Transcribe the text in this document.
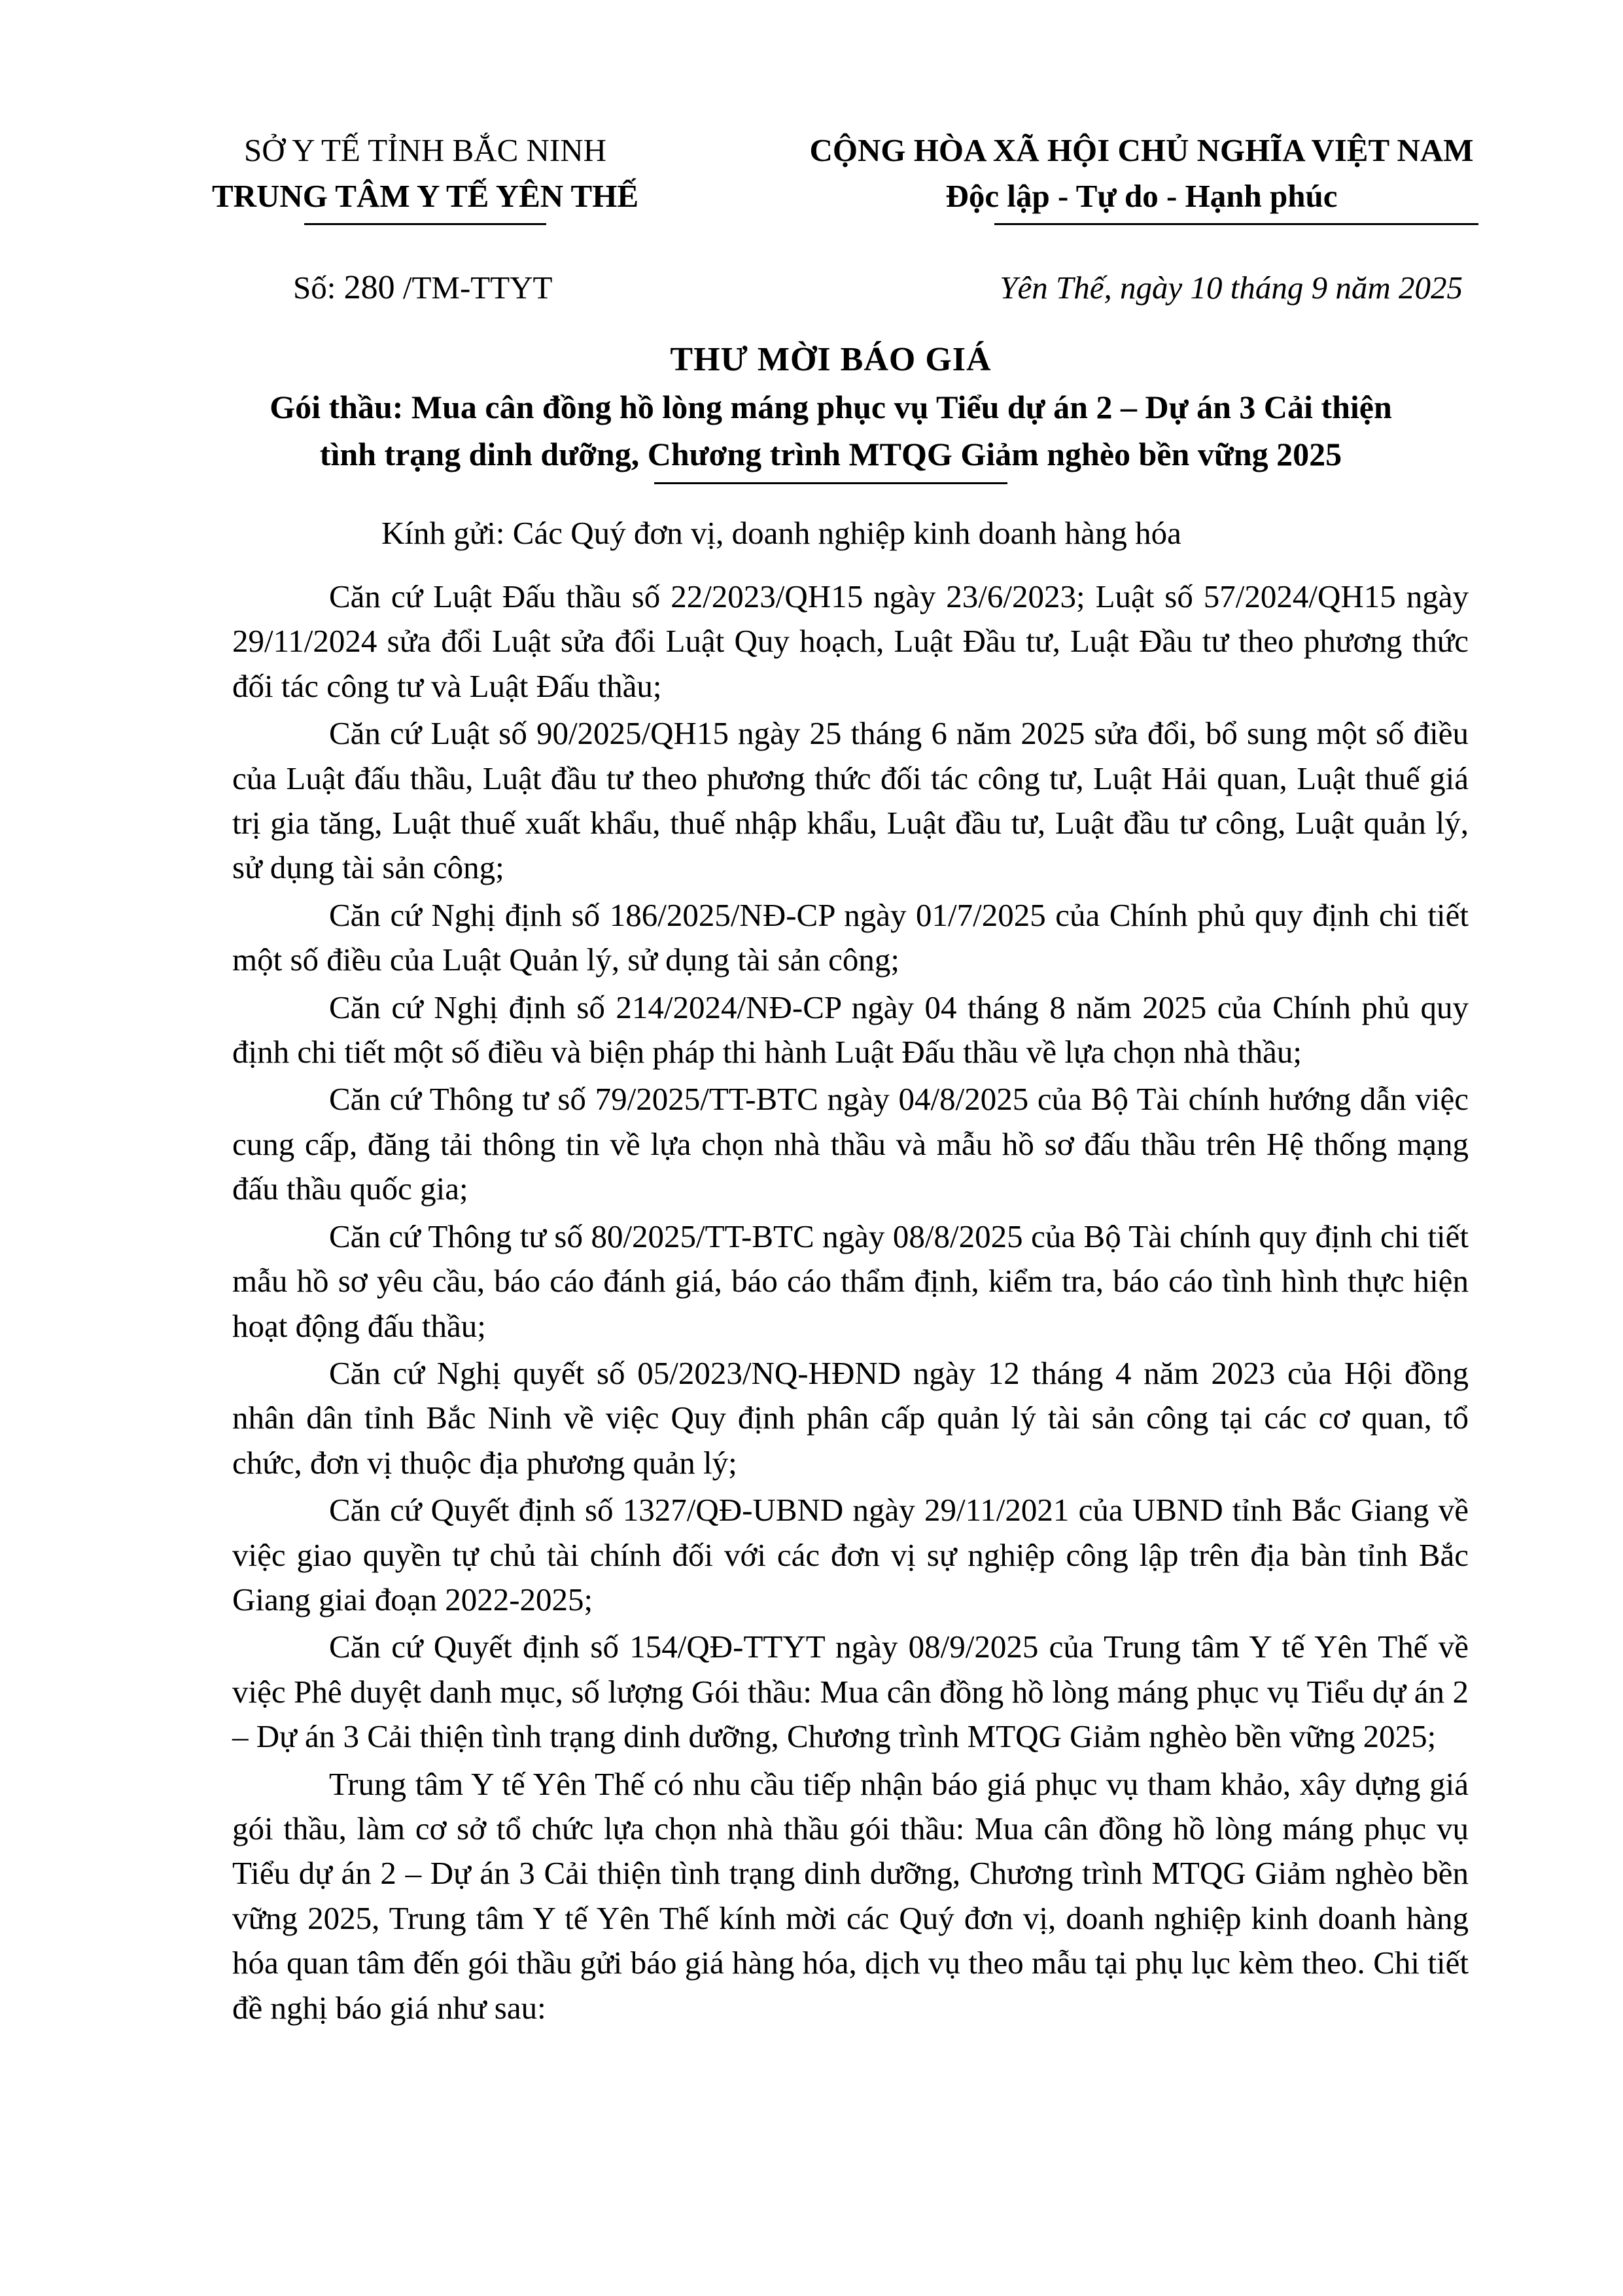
SỞ Y TẾ TỈNH BẮC NINH
TRUNG TÂM Y TẾ YÊN THẾ
CỘNG HÒA XÃ HỘI CHỦ NGHĨA VIỆT NAM
Độc lập - Tự do - Hạnh phúc
Số: 280 /TM-TTYT	Yên Thế, ngày 10 tháng 9 năm 2025
THƯ MỜI BÁO GIÁ
Gói thầu: Mua cân đồng hồ lòng máng phục vụ Tiểu dự án 2 – Dự án 3 Cải thiện
tình trạng dinh dưỡng, Chương trình MTQG Giảm nghèo bền vững 2025
Kính gửi: Các Quý đơn vị, doanh nghiệp kinh doanh hàng hóa

Căn cứ Luật Đấu thầu số 22/2023/QH15 ngày 23/6/2023; Luật số 57/2024/QH15 ngày 29/11/2024 sửa đổi Luật sửa đổi Luật Quy hoạch, Luật Đầu tư, Luật Đầu tư theo phương thức đối tác công tư và Luật Đấu thầu;

Căn cứ Luật số 90/2025/QH15 ngày 25 tháng 6 năm 2025 sửa đổi, bổ sung một số điều của Luật đấu thầu, Luật đầu tư theo phương thức đối tác công tư, Luật Hải quan, Luật thuế giá trị gia tăng, Luật thuế xuất khẩu, thuế nhập khẩu, Luật đầu tư, Luật đầu tư công, Luật quản lý, sử dụng tài sản công;

Căn cứ Nghị định số 186/2025/NĐ-CP ngày 01/7/2025 của Chính phủ quy định chi tiết một số điều của Luật Quản lý, sử dụng tài sản công;

Căn cứ Nghị định số 214/2024/NĐ-CP ngày 04 tháng 8 năm 2025 của Chính phủ quy định chi tiết một số điều và biện pháp thi hành Luật Đấu thầu về lựa chọn nhà thầu;

Căn cứ Thông tư số 79/2025/TT-BTC ngày 04/8/2025 của Bộ Tài chính hướng dẫn việc cung cấp, đăng tải thông tin về lựa chọn nhà thầu và mẫu hồ sơ đấu thầu trên Hệ thống mạng đấu thầu quốc gia;

Căn cứ Thông tư số 80/2025/TT-BTC ngày 08/8/2025 của Bộ Tài chính quy định chi tiết mẫu hồ sơ yêu cầu, báo cáo đánh giá, báo cáo thẩm định, kiểm tra, báo cáo tình hình thực hiện hoạt động đấu thầu;

Căn cứ Nghị quyết số 05/2023/NQ-HĐND ngày 12 tháng 4 năm 2023 của Hội đồng nhân dân tỉnh Bắc Ninh về việc Quy định phân cấp quản lý tài sản công tại các cơ quan, tổ chức, đơn vị thuộc địa phương quản lý;

Căn cứ Quyết định số 1327/QĐ-UBND ngày 29/11/2021 của UBND tỉnh Bắc Giang về việc giao quyền tự chủ tài chính đối với các đơn vị sự nghiệp công lập trên địa bàn tỉnh Bắc Giang giai đoạn 2022-2025;

Căn cứ Quyết định số 154/QĐ-TTYT ngày 08/9/2025 của Trung tâm Y tế Yên Thế về việc Phê duyệt danh mục, số lượng Gói thầu: Mua cân đồng hồ lòng máng phục vụ Tiểu dự án 2 – Dự án 3 Cải thiện tình trạng dinh dưỡng, Chương trình MTQG Giảm nghèo bền vững 2025;

Trung tâm Y tế Yên Thế có nhu cầu tiếp nhận báo giá phục vụ tham khảo, xây dựng giá gói thầu, làm cơ sở tổ chức lựa chọn nhà thầu gói thầu: Mua cân đồng hồ lòng máng phục vụ Tiểu dự án 2 – Dự án 3 Cải thiện tình trạng dinh dưỡng, Chương trình MTQG Giảm nghèo bền vững 2025, Trung tâm Y tế Yên Thế kính mời các Quý đơn vị, doanh nghiệp kinh doanh hàng hóa quan tâm đến gói thầu gửi báo giá hàng hóa, dịch vụ theo mẫu tại phụ lục kèm theo. Chi tiết đề nghị báo giá như sau:
